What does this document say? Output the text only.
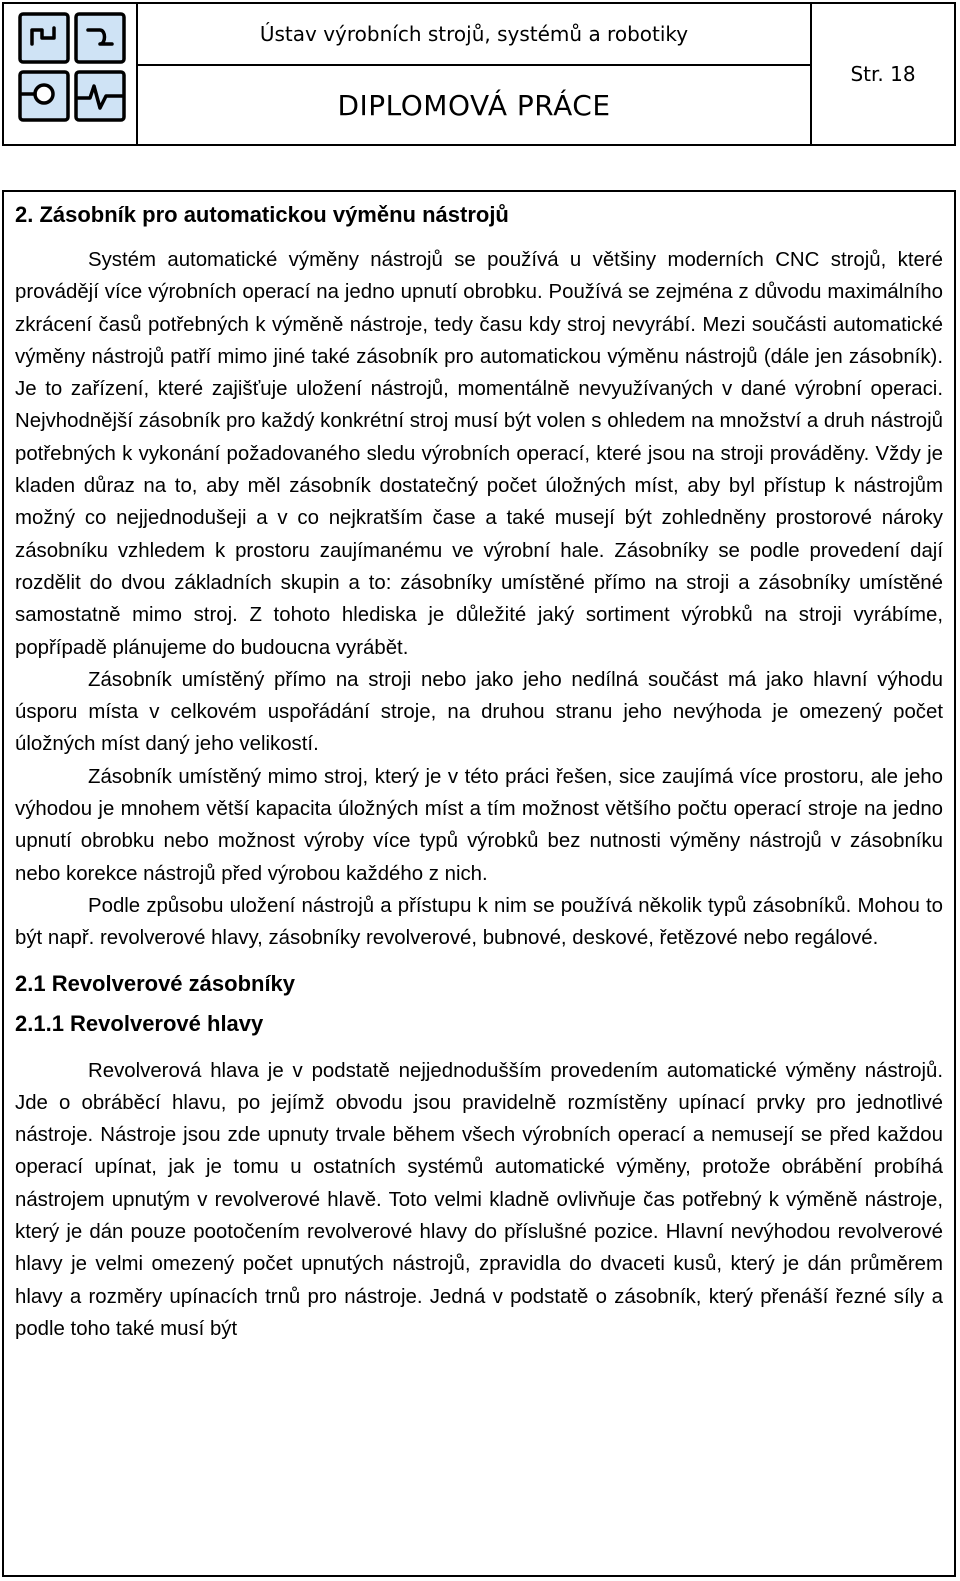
Ústav výrobních strojů, systémů a robotiky
DIPLOMOVÁ PRÁCE
Str. 18
2. Zásobník pro automatickou výměnu nástrojů

Systém automatické výměny nástrojů se používá u většiny moderních CNC strojů, které provádějí více výrobních operací na jedno upnutí obrobku. Používá se zejména z důvodu maximálního zkrácení časů potřebných k výměně nástroje, tedy času kdy stroj nevyrábí. Mezi součásti automatické výměny nástrojů patří mimo jiné také zásobník pro automatickou výměnu nástrojů (dále jen zásobník). Je to zařízení, které zajišťuje uložení nástrojů, momentálně nevyužívaných v dané výrobní operaci. Nejvhodnější zásobník pro každý konkrétní stroj musí být volen s ohledem na množství a druh nástrojů potřebných k vykonání požadovaného sledu výrobních operací, které jsou na stroji prováděny. Vždy je kladen důraz na to, aby měl zásobník dostatečný počet úložných míst, aby byl přístup k nástrojům možný co nejjednodušeji a v co nejkratším čase a také musejí být zohledněny prostorové nároky zásobníku vzhledem k prostoru zaujímanému ve výrobní hale. Zásobníky se podle provedení dají rozdělit do dvou základních skupin a to: zásobníky umístěné přímo na stroji a zásobníky umístěné samostatně mimo stroj. Z tohoto hlediska je důležité jaký sortiment výrobků na stroji vyrábíme, popřípadě plánujeme do budoucna vyrábět.

Zásobník umístěný přímo na stroji nebo jako jeho nedílná součást má jako hlavní výhodu úsporu místa v celkovém uspořádání stroje, na druhou stranu jeho nevýhoda je omezený počet úložných míst daný jeho velikostí.

Zásobník umístěný mimo stroj, který je v této práci řešen, sice zaujímá více prostoru, ale jeho výhodou je mnohem větší kapacita úložných míst a tím možnost většího počtu operací stroje na jedno upnutí obrobku nebo možnost výroby více typů výrobků bez nutnosti výměny nástrojů v zásobníku nebo korekce nástrojů před výrobou každého z nich.

Podle způsobu uložení nástrojů a přístupu k nim se používá několik typů zásobníků. Mohou to být např. revolverové hlavy, zásobníky revolverové, bubnové, deskové, řetězové nebo regálové.

2.1 Revolverové zásobníky
2.1.1 Revolverové hlavy

Revolverová hlava je v podstatě nejjednodušším provedením automatické výměny nástrojů. Jde o obráběcí hlavu, po jejímž obvodu jsou pravidelně rozmístěny upínací prvky pro jednotlivé nástroje. Nástroje jsou zde upnuty trvale během všech výrobních operací a nemusejí se před každou operací upínat, jak je tomu u ostatních systémů automatické výměny, protože obrábění probíhá nástrojem upnutým v revolverové hlavě. Toto velmi kladně ovlivňuje čas potřebný k výměně nástroje, který je dán pouze pootočením revolverové hlavy do příslušné pozice. Hlavní nevýhodou revolverové hlavy je velmi omezený počet upnutých nástrojů, zpravidla do dvaceti kusů, který je dán průměrem hlavy a rozměry upínacích trnů pro nástroje. Jedná v podstatě o zásobník, který přenáší řezné síly a podle toho také musí být
